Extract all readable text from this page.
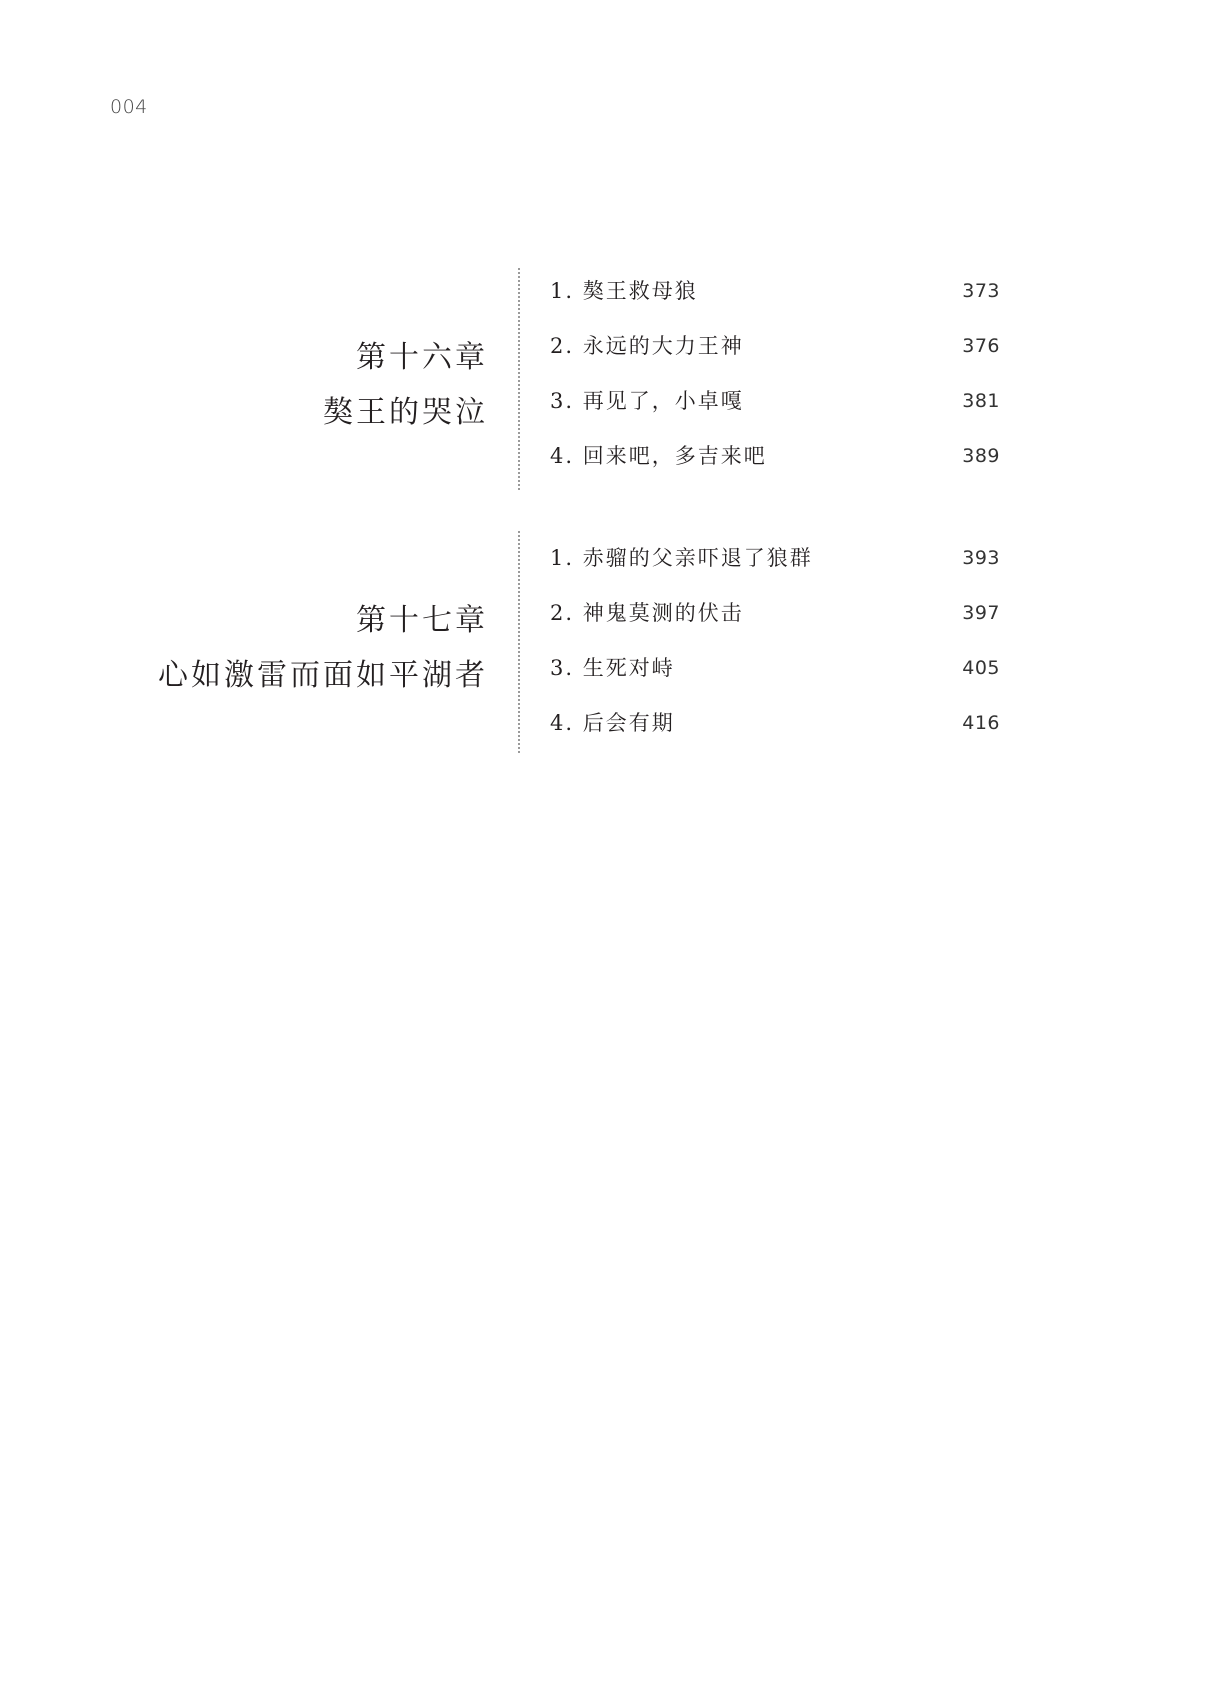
004
第十六章
獒王的哭泣
1. 獒王救母狼	373
2. 永远的大力王神	376
3. 再见了，小卓嘎	381
4. 回来吧，多吉来吧	389
第十七章
心如激雷而面如平湖者
1. 赤骝的父亲吓退了狼群	393
2. 神鬼莫测的伏击	397
3. 生死对峙	405
4. 后会有期	416
